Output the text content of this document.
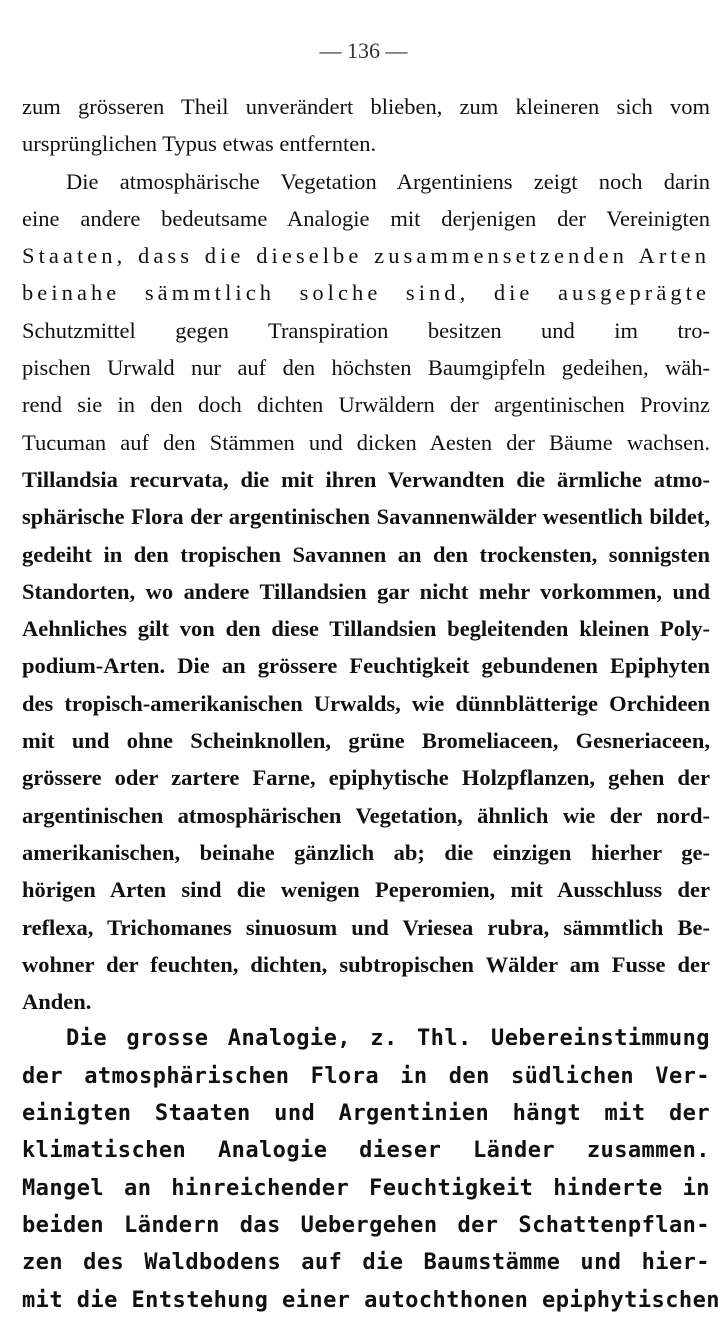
— 136 —
zum grösseren Theil unverändert blieben, zum kleineren sich vom
ursprünglichen Typus etwas entfernten.
Die atmosphärische Vegetation Argentiniens zeigt noch darin
eine andere bedeutsame Analogie mit derjenigen der Vereinigten
Staaten, dass die dieselbe zusammensetzenden Arten
beinahe sämmtlich solche sind, die ausgeprägte
Schutzmittel gegen Transpiration besitzen und im tro-
pischen Urwald nur auf den höchsten Baumgipfeln gedeihen, wäh-
rend sie in den doch dichten Urwäldern der argentinischen Provinz
Tucuman auf den Stämmen und dicken Aesten der Bäume wachsen.
Tillandsia recurvata, die mit ihren Verwandten die ärmliche atmo-
sphärische Flora der argentinischen Savannenwälder wesentlich bildet,
gedeiht in den tropischen Savannen an den trockensten, sonnigsten
Standorten, wo andere Tillandsien gar nicht mehr vorkommen, und
Aehnliches gilt von den diese Tillandsien begleitenden kleinen Poly-
podium-Arten. Die an grössere Feuchtigkeit gebundenen Epiphyten
des tropisch-amerikanischen Urwalds, wie dünnblätterige Orchideen
mit und ohne Scheinknollen, grüne Bromeliaceen, Gesneriaceen,
grössere oder zartere Farne, epiphytische Holzpflanzen, gehen der
argentinischen atmosphärischen Vegetation, ähnlich wie der nord-
amerikanischen, beinahe gänzlich ab; die einzigen hierher ge-
hörigen Arten sind die wenigen Peperomien, mit Ausschluss der
reflexa, Trichomanes sinuosum und Vriesea rubra, sämmtlich Be-
wohner der feuchten, dichten, subtropischen Wälder am Fusse der
Anden.
Die grosse Analogie, z. Thl. Uebereinstimmung
der atmosphärischen Flora in den südlichen Ver-
einigten Staaten und Argentinien hängt mit der
klimatischen Analogie dieser Länder zusammen.
Mangel an hinreichender Feuchtigkeit hinderte in
beiden Ländern das Uebergehen der Schattenpflan-
zen des Waldbodens auf die Baumstämme und hier-
mit die Entstehung einer autochthonen epiphytischen
